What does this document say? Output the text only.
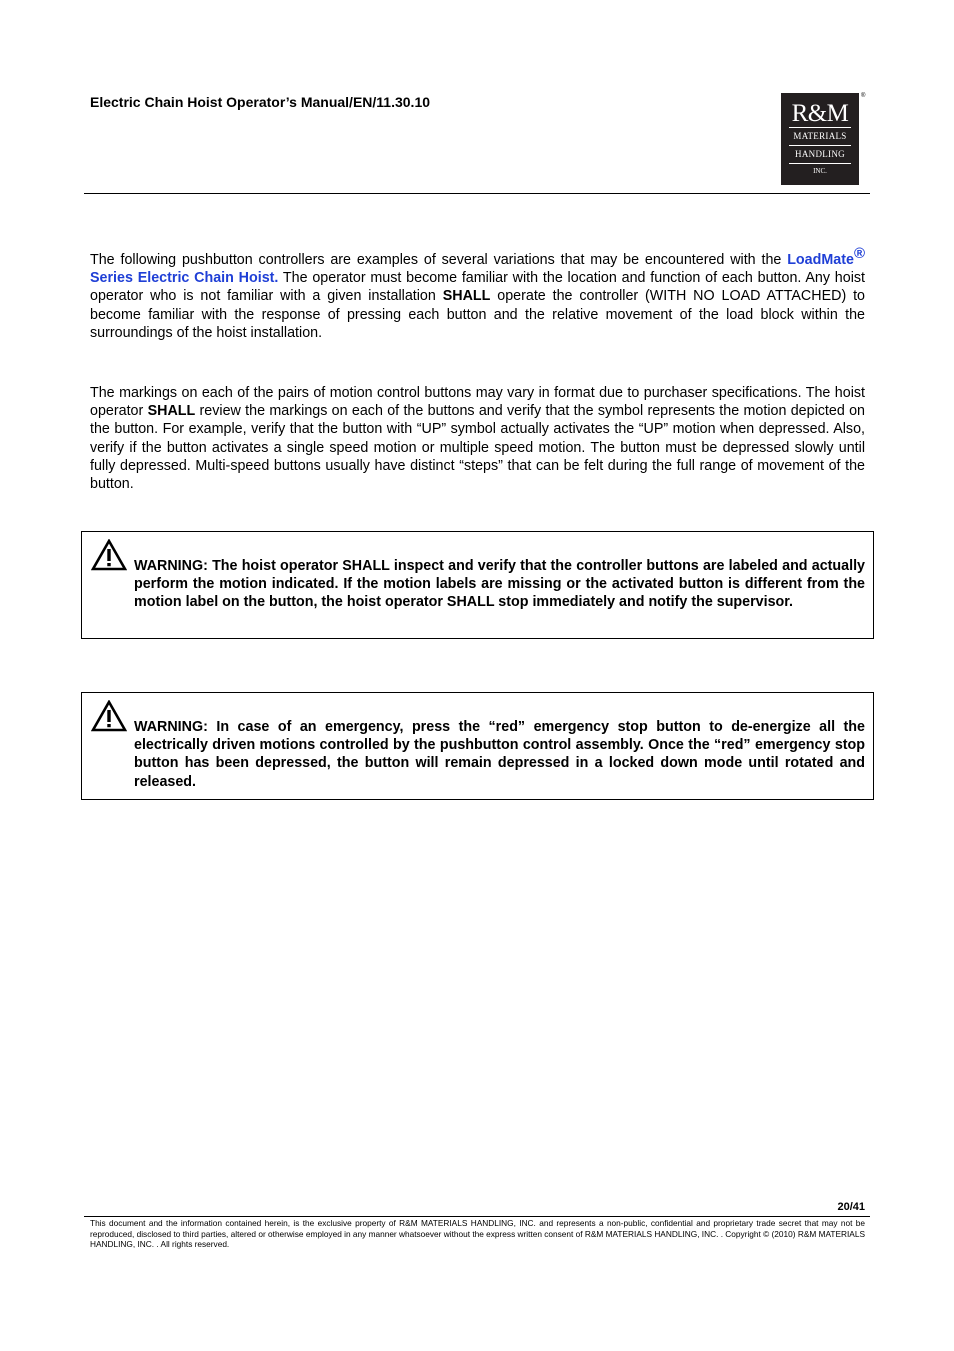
Electric Chain Hoist Operator’s Manual/EN/11.30.10	R&M
MATERIALS
HANDLING
INC.
®
The following pushbutton controllers are examples of several variations that may be encountered with the LoadMate® Series Electric Chain Hoist. The operator must become familiar with the location and function of each button. Any hoist operator who is not familiar with a given installation SHALL operate the controller (WITH NO LOAD ATTACHED) to become familiar with the response of pressing each button and the relative movement of the load block within the surroundings of the hoist installation.
The markings on each of the pairs of motion control buttons may vary in format due to purchaser specifications. The hoist operator SHALL review the markings on each of the buttons and verify that the symbol represents the motion depicted on the button. For example, verify that the button with “UP” symbol actually activates the “UP” motion when depressed. Also, verify if the button activates a single speed motion or multiple speed motion. The button must be depressed slowly until fully depressed. Multi-speed buttons usually have distinct “steps” that can be felt during the full range of movement of the button.
WARNING: The hoist operator SHALL inspect and verify that the controller buttons are labeled and actually perform the motion indicated. If the motion labels are missing or the activated button is different from the motion label on the button, the hoist operator SHALL stop immediately and notify the supervisor.
WARNING: In case of an emergency, press the “red” emergency stop button to de-energize all the electrically driven motions controlled by the pushbutton control assembly. Once the “red” emergency stop button has been depressed, the button will remain depressed in a locked down mode until rotated and released.
20/41
This document and the information contained herein, is the exclusive property of R&M MATERIALS HANDLING, INC. and represents a non-public, confidential and proprietary trade secret that may not be reproduced, disclosed to third parties, altered or otherwise employed in any manner whatsoever without the express written consent of R&M MATERIALS HANDLING, INC. . Copyright © (2010) R&M MATERIALS HANDLING, INC. . All rights reserved.
